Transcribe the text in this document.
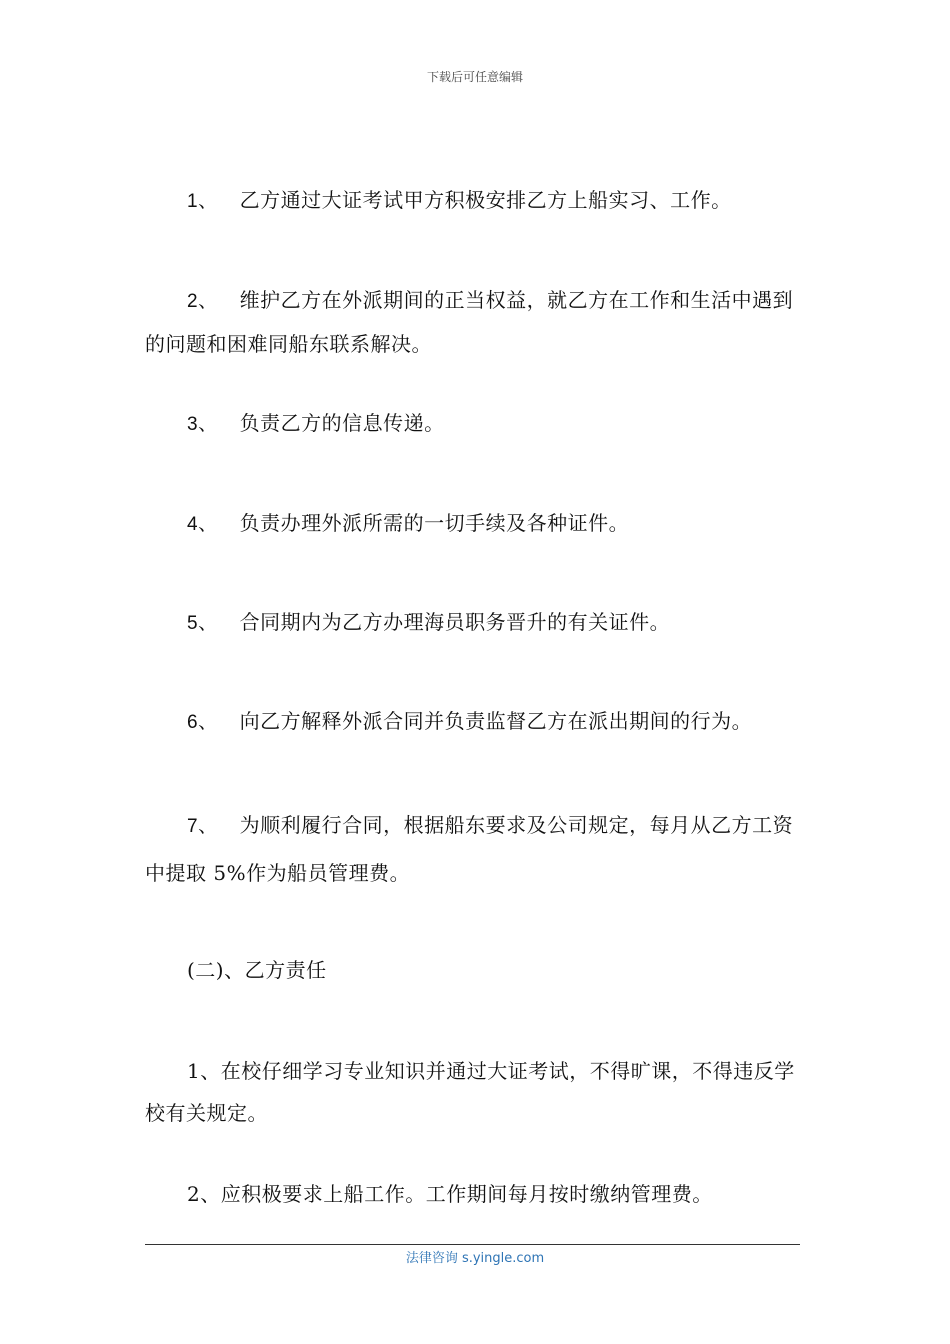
下载后可任意编辑
1、 乙方通过大证考试甲方积极安排乙方上船实习、工作。
2、 维护乙方在外派期间的正当权益，就乙方在工作和生活中遇到的问题和困难同船东联系解决。
3、 负责乙方的信息传递。
4、 负责办理外派所需的一切手续及各种证件。
5、 合同期内为乙方办理海员职务晋升的有关证件。
6、 向乙方解释外派合同并负责监督乙方在派出期间的行为。
7、 为顺利履行合同，根据船东要求及公司规定，每月从乙方工资中提取 5%作为船员管理费。
(二)、乙方责任
1、在校仔细学习专业知识并通过大证考试，不得旷课，不得违反学校有关规定。
2、应积极要求上船工作。工作期间每月按时缴纳管理费。
法律咨询 s.yingle.com
